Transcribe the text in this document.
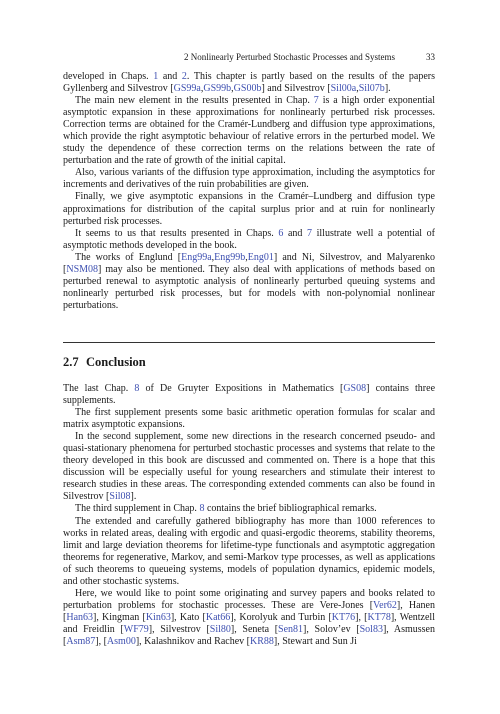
2 Nonlinearly Perturbed Stochastic Processes and Systems	33

developed in Chaps. 1 and 2. This chapter is partly based on the results of the papers Gyllenberg and Silvestrov [GS99a,GS99b,GS00b] and Silvestrov [Sil00a,Sil07b].

The main new element in the results presented in Chap. 7 is a high order exponential asymptotic expansion in these approximations for nonlinearly perturbed risk processes. Correction terms are obtained for the Cramér-Lundberg and diffusion type approximations, which provide the right asymptotic behaviour of relative errors in the perturbed model. We study the dependence of these correction terms on the relations between the rate of perturbation and the rate of growth of the initial capital.

Also, various variants of the diffusion type approximation, including the asymptotics for increments and derivatives of the ruin probabilities are given.

Finally, we give asymptotic expansions in the Cramér–Lundberg and diffusion type approximations for distribution of the capital surplus prior and at ruin for nonlinearly perturbed risk processes.

It seems to us that results presented in Chaps. 6 and 7 illustrate well a potential of asymptotic methods developed in the book.

The works of Englund [Eng99a,Eng99b,Eng01] and Ni, Silvestrov, and Malyarenko [NSM08] may also be mentioned. They also deal with applications of methods based on perturbed renewal to asymptotic analysis of nonlinearly perturbed queuing systems and nonlinearly perturbed risk processes, but for models with non-polynomial nonlinear perturbations.

2.7 Conclusion

The last Chap. 8 of De Gruyter Expositions in Mathematics [GS08] contains three supplements.

The first supplement presents some basic arithmetic operation formulas for scalar and matrix asymptotic expansions.

In the second supplement, some new directions in the research concerned pseudo- and quasi-stationary phenomena for perturbed stochastic processes and systems that relate to the theory developed in this book are discussed and commented on. There is a hope that this discussion will be especially useful for young researchers and stimulate their interest to research studies in these areas. The corresponding extended comments can also be found in Silvestrov [Sil08].

The third supplement in Chap. 8 contains the brief bibliographical remarks.

The extended and carefully gathered bibliography has more than 1000 references to works in related areas, dealing with ergodic and quasi-ergodic theorems, stability theorems, limit and large deviation theorems for lifetime-type functionals and asymptotic aggregation theorems for regenerative, Markov, and semi-Markov type processes, as well as applications of such theorems to queueing systems, models of population dynamics, epidemic models, and other stochastic systems.

Here, we would like to point some originating and survey papers and books related to perturbation problems for stochastic processes. These are Vere-Jones [Ver62], Hanen [Han63], Kingman [Kin63], Kato [Kat66], Korolyuk and Turbin [KT76], [KT78], Wentzell and Freidlin [WF79], Silvestrov [Sil80], Seneta [Sen81], Solov’ev [Sol83], Asmussen [Asm87], [Asm00], Kalashnikov and Rachev [KR88], Stewart and Sun Ji
